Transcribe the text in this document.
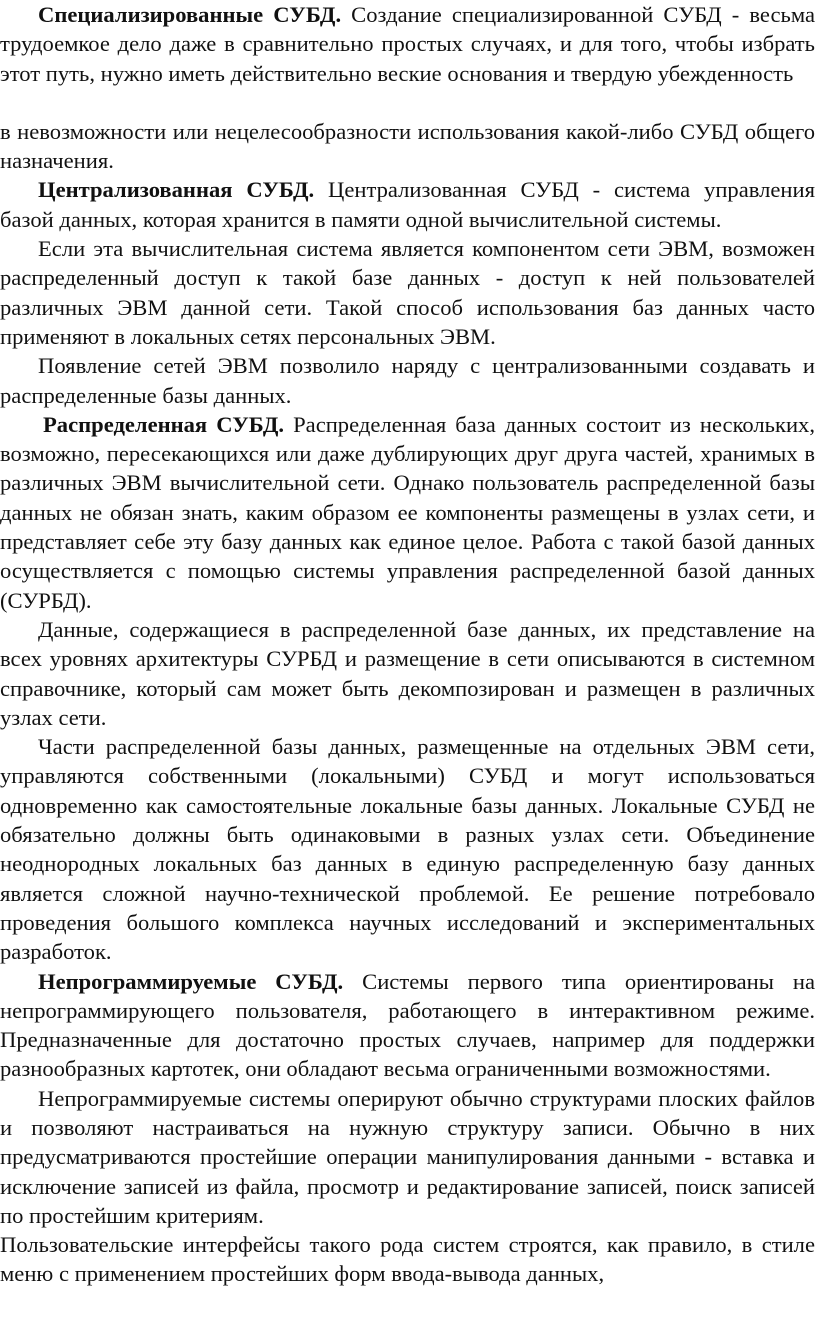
Специализированные СУБД. Создание специализированной СУБД - весьма трудоемкое дело даже в сравнительно простых случаях, и для того, чтобы избрать этот путь, нужно иметь действительно веские основания и твердую убежденность

в невозможности или нецелесообразности использования какой-либо СУБД общего назначения.

Централизованная СУБД. Централизованная СУБД - система управления базой данных, которая хранится в памяти одной вычислительной системы.

Если эта вычислительная система является компонентом сети ЭВМ, возможен распределенный доступ к такой базе данных - доступ к ней пользователей различных ЭВМ данной сети. Такой способ использования баз данных часто применяют в локальных сетях персональных ЭВМ.

Появление сетей ЭВМ позволило наряду с централизованными создавать и распределенные базы данных.

Распределенная СУБД. Распределенная база данных состоит из нескольких, возможно, пересекающихся или даже дублирующих друг друга частей, хранимых в различных ЭВМ вычислительной сети. Однако пользователь распределенной базы данных не обязан знать, каким образом ее компоненты размещены в узлах сети, и представляет себе эту базу данных как единое целое. Работа с такой базой данных осуществляется с помощью системы управления распределенной базой данных (СУРБД).

Данные, содержащиеся в распределенной базе данных, их представление на всех уровнях архитектуры СУРБД и размещение в сети описываются в системном справочнике, который сам может быть декомпозирован и размещен в различных узлах сети.

Части распределенной базы данных, размещенные на отдельных ЭВМ сети, управляются собственными (локальными) СУБД и могут использоваться одновременно как самостоятельные локальные базы данных. Локальные СУБД не обязательно должны быть одинаковыми в разных узлах сети. Объединение неоднородных локальных баз данных в единую распределенную базу данных является сложной научно-технической проблемой. Ее решение потребовало проведения большого комплекса научных исследований и экспериментальных разработок.

Непрограммируемые СУБД. Системы первого типа ориентированы на непрограммирующего пользователя, работающего в интерактивном режиме. Предназначенные для достаточно простых случаев, например для поддержки разнообразных картотек, они обладают весьма ограниченными возможностями.

Непрограммируемые системы оперируют обычно структурами плоских файлов и позволяют настраиваться на нужную структуру записи. Обычно в них предусматриваются простейшие операции манипулирования данными - вставка и исключение записей из файла, просмотр и редактирование записей, поиск записей по простейшим критериям.

Пользовательские интерфейсы такого рода систем строятся, как правило, в стиле меню с применением простейших форм ввода-вывода данных,
